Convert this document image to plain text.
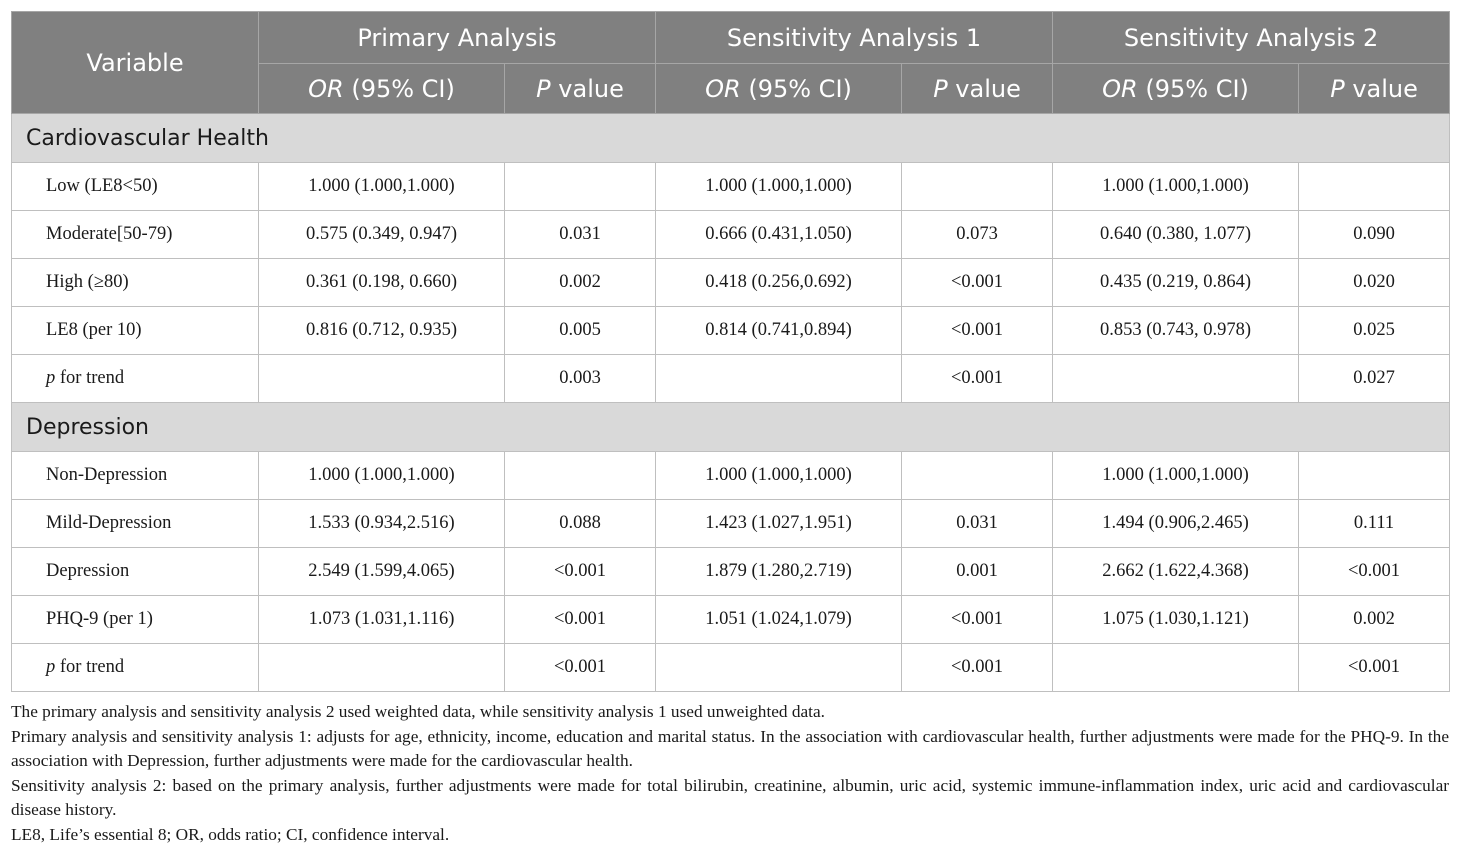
Variable	Primary Analysis		Sensitivity Analysis 1		Sensitivity Analysis 2	
	OR (95% CI)	P value	OR (95% CI)	P value	OR (95% CI)	P value
Cardiovascular Health						
Low (LE8<50)	1.000 (1.000,1.000)		1.000 (1.000,1.000)		1.000 (1.000,1.000)	
Moderate[50-79)	0.575 (0.349, 0.947)	0.031	0.666 (0.431,1.050)	0.073	0.640 (0.380, 1.077)	0.090
High (≥80)	0.361 (0.198, 0.660)	0.002	0.418 (0.256,0.692)	<0.001	0.435 (0.219, 0.864)	0.020
LE8 (per 10)	0.816 (0.712, 0.935)	0.005	0.814 (0.741,0.894)	<0.001	0.853 (0.743, 0.978)	0.025
p for trend		0.003		<0.001		0.027
Depression						
Non-Depression	1.000 (1.000,1.000)		1.000 (1.000,1.000)		1.000 (1.000,1.000)	
Mild-Depression	1.533 (0.934,2.516)	0.088	1.423 (1.027,1.951)	0.031	1.494 (0.906,2.465)	0.111
Depression	2.549 (1.599,4.065)	<0.001	1.879 (1.280,2.719)	0.001	2.662 (1.622,4.368)	<0.001
PHQ-9 (per 1)	1.073 (1.031,1.116)	<0.001	1.051 (1.024,1.079)	<0.001	1.075 (1.030,1.121)	0.002
p for trend		<0.001		<0.001		<0.001

The primary analysis and sensitivity analysis 2 used weighted data, while sensitivity analysis 1 used unweighted data.

Primary analysis and sensitivity analysis 1: adjusts for age, ethnicity, income, education and marital status. In the association with cardiovascular health, further adjustments were made for the PHQ-9. In the association with Depression, further adjustments were made for the cardiovascular health.

Sensitivity analysis 2: based on the primary analysis, further adjustments were made for total bilirubin, creatinine, albumin, uric acid, systemic immune-inflammation index, uric acid and cardiovascular disease history.

LE8, Life’s essential 8; OR, odds ratio; CI, confidence interval.
